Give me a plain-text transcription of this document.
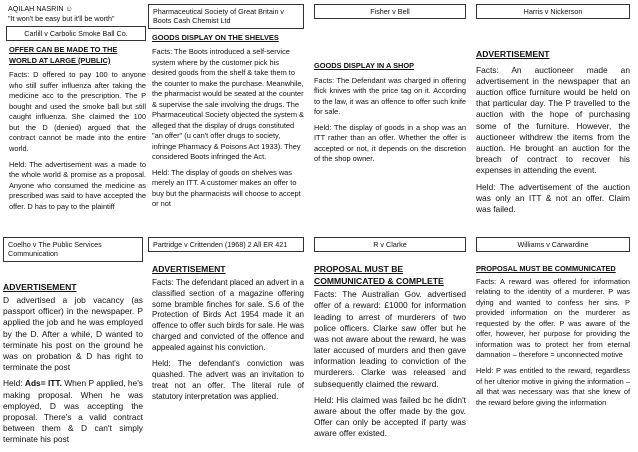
AQILAH NASRIN ☺
"It won't be easy but it'll be worth"
Carlill v Carbolic Smoke Ball Co.
OFFER CAN BE MADE TO THE WORLD AT LARGE (PUBLIC)
Facts: D offered to pay 100 to anyone who still suffer influenza after taking the medicine acc to the prescription. The P bought and used the smoke ball but still caught influenza. She claimed the 100 but the D (denied) argued that the contract cannot be made into the entire world.
Held: The advertisement was a made to the whole world & promise as a proposal. Anyone who consumed the medicine as prescribed was said to have accepted the offer. D has to pay to the plaintiff
Pharmaceutical Society of Great Britain v Boots Cash Chemist Ltd
GOODS DISPLAY ON THE SHELVES
Facts: The Boots introduced a self-service system where by the customer pick his desired goods from the shelf & take them to the counter to make the purchase. Meanwhile, the pharmacist would be seated at the counter & supervise the sale involving the drugs. The Pharmaceutical Society objected the system & alleged that the display of drugs constituted "an offer" (u can't offer drugs to society, infringe Pharmacy & Poisons Act 1933). They considered Boots infringed the Act.
Held: The display of goods on shelves was merely an ITT. A customer makes an offer to buy but the pharmacists will choose to accept or not
Fisher v Bell
GOODS DISPLAY IN A SHOP
Facts: The Defendant was charged in offering flick knives with the price tag on it. According to the law, it was an offence to offer such knife for sale.
Held: The display of goods in a shop was an ITT rather than an offer. Whether the offer is accepted or not, it depends on the discretion of the shop owner.
Harris v Nickerson
ADVERTISEMENT
Facts: An auctioneer made an advertisement in the newspaper that an auction office furniture would be held on that particular day. The P travelled to the auction with the hope of purchasing some of the furniture. However, the auctioneer withdrew the items from the auction. He brought an auction for the breach of contract to recover his expenses in attending the event.
Held: The advertisement of the auction was only an ITT & not an offer. Claim was failed.
Coelho v The Public Services Communication
ADVERTISEMENT
D advertised a job vacancy (as passport officer) in the newspaper. P applied the job and he was employed by the D. After a while, D wanted to terminate his post on the ground he was on probation & D has right to terminate the post
Held: Ads= ITT. When P applied, he's making proposal. When he was employed, D was accepting the proposal. There's a valid contract between them & D can't simply terminate his post
Partridge v Crittenden (1968) 2 All ER 421
ADVERTISEMENT
Facts: The defendant placed an advert in a classified section of a magazine offering some bramble finches for sale. S.6 of the Protection of Birds Act 1954 made it an offence to offer such birds for sale. He was charged and convicted of the offence and appealed against his conviction.
Held: The defendant's conviction was quashed. The advert was an invitation to treat not an offer. The literal rule of statutory interpretation was applied.
R v Clarke
PROPOSAL MUST BE COMMUNICATED & COMPLETE
Facts: The Australian Gov. advertised offer of a reward: £1000 for information leading to arrest of murderers of two police officers. Clarke saw offer but he was not aware about the reward, he was later accused of murders and then gave information leading to conviction of the murderers. Clarke was released and subsequently claimed the reward.
Held: His claimed was failed bc he didn't aware about the offer made by the gov. Offer can only be accepted if party was aware offer existed.
Williams v Carwardine
PROPOSAL MUST BE COMMUNICATED
Facts: A reward was offered for information relating to the identity of a murderer. P was dying and wanted to confess her sins. P provided information on the murderer as requested by the offer. P was aware of the offer, however, her purpose for providing the information was to protect her from eternal damnation – therefore = unconnected motive
Held: P was entitled to the reward, regardless of her ulterior motive in giving the information – all that was necessary was that she knew of the reward before giving the information
